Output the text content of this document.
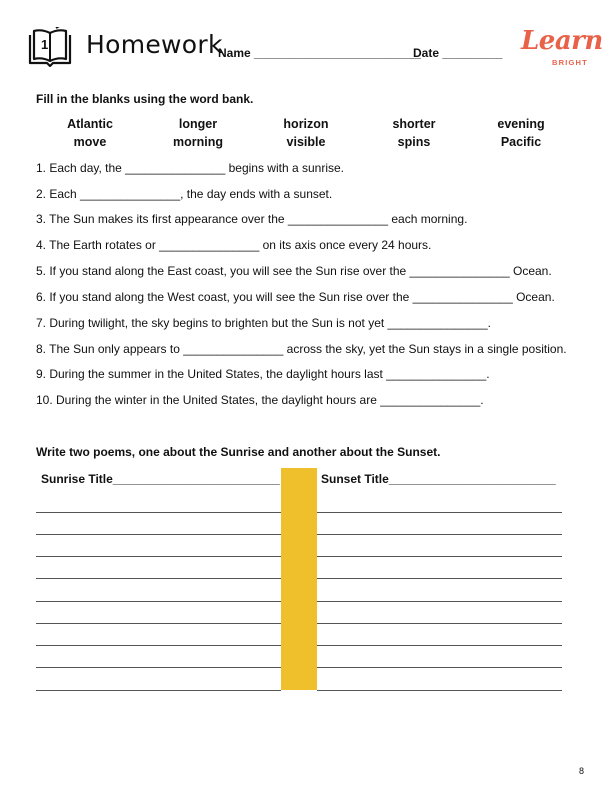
1 Homework
Name _________________________
Date _________ Learn
BRIGHT
Fill in the blanks using the word bank.
Atlantic	longer	horizon	shorter	evening
move	morning	visible	spins	Pacific
1. Each day, the _______________ begins with a sunrise.
2. Each _______________, the day ends with a sunset.
3. The Sun makes its first appearance over the _______________ each morning.
4. The Earth rotates or _______________ on its axis once every 24 hours.
5. If you stand along the East coast, you will see the Sun rise over the _______________ Ocean.
6. If you stand along the West coast, you will see the Sun rise over the _______________ Ocean.
7. During twilight, the sky begins to brighten but the Sun is not yet _______________.
8. The Sun only appears to _______________ across the sky, yet the Sun stays in a single position.
9. During the summer in the United States, the daylight hours last _______________.
10. During the winter in the United States, the daylight hours are _______________.
Write two poems, one about the Sunrise and another about the Sunset.
Sunrise Title_________________________	Sunset Title_________________________
8
